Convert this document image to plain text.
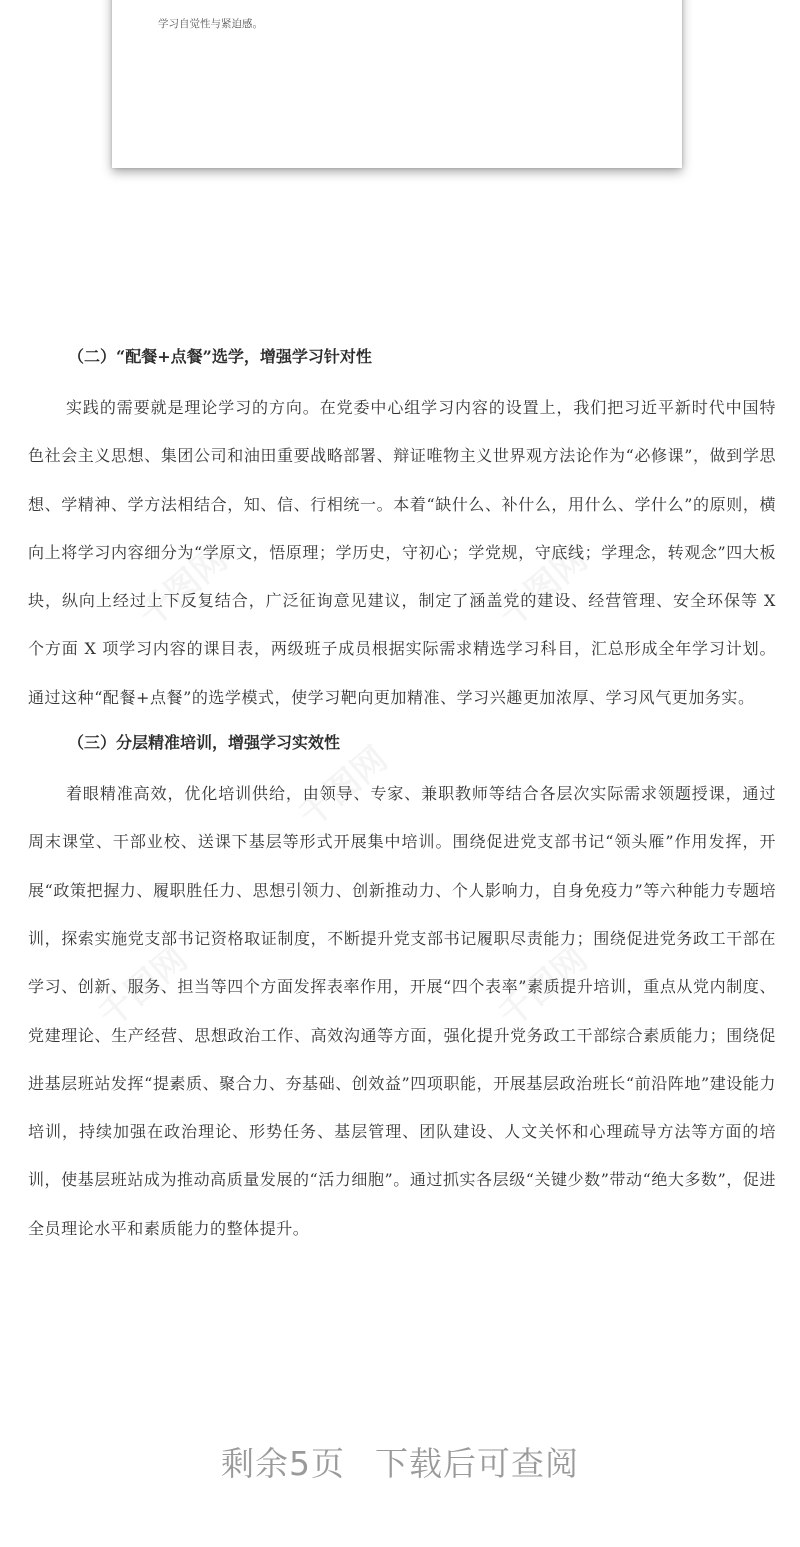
学习自觉性与紧迫感。
（二）“配餐+点餐”选学，增强学习针对性

实践的需要就是理论学习的方向。在党委中心组学习内容的设置上，我们把习近平新时代中国特色社会主义思想、集团公司和油田重要战略部署、辩证唯物主义世界观方法论作为“必修课”，做到学思想、学精神、学方法相结合，知、信、行相统一。本着“缺什么、补什么，用什么、学什么”的原则，横向上将学习内容细分为“学原文，悟原理；学历史，守初心；学党规，守底线；学理念，转观念”四大板块，纵向上经过上下反复结合，广泛征询意见建议，制定了涵盖党的建设、经营管理、安全环保等 X 个方面 X 项学习内容的课目表，两级班子成员根据实际需求精选学习科目，汇总形成全年学习计划。通过这种“配餐+点餐”的选学模式，使学习靶向更加精准、学习兴趣更加浓厚、学习风气更加务实。

（三）分层精准培训，增强学习实效性

着眼精准高效，优化培训供给，由领导、专家、兼职教师等结合各层次实际需求领题授课，通过周末课堂、干部业校、送课下基层等形式开展集中培训。围绕促进党支部书记“领头雁”作用发挥，开展“政策把握力、履职胜任力、思想引领力、创新推动力、个人影响力，自身免疫力”等六种能力专题培训，探索实施党支部书记资格取证制度，不断提升党支部书记履职尽责能力；围绕促进党务政工干部在学习、创新、服务、担当等四个方面发挥表率作用，开展“四个表率”素质提升培训，重点从党内制度、党建理论、生产经营、思想政治工作、高效沟通等方面，强化提升党务政工干部综合素质能力；围绕促进基层班站发挥“提素质、聚合力、夯基础、创效益”四项职能，开展基层政治班长“前沿阵地”建设能力培训，持续加强在政治理论、形势任务、基层管理、团队建设、人文关怀和心理疏导方法等方面的培训，使基层班站成为推动高质量发展的“活力细胞”。通过抓实各层级“关键少数”带动“绝大多数”，促进全员理论水平和素质能力的整体提升。

剩余5页 下载后可查阅
